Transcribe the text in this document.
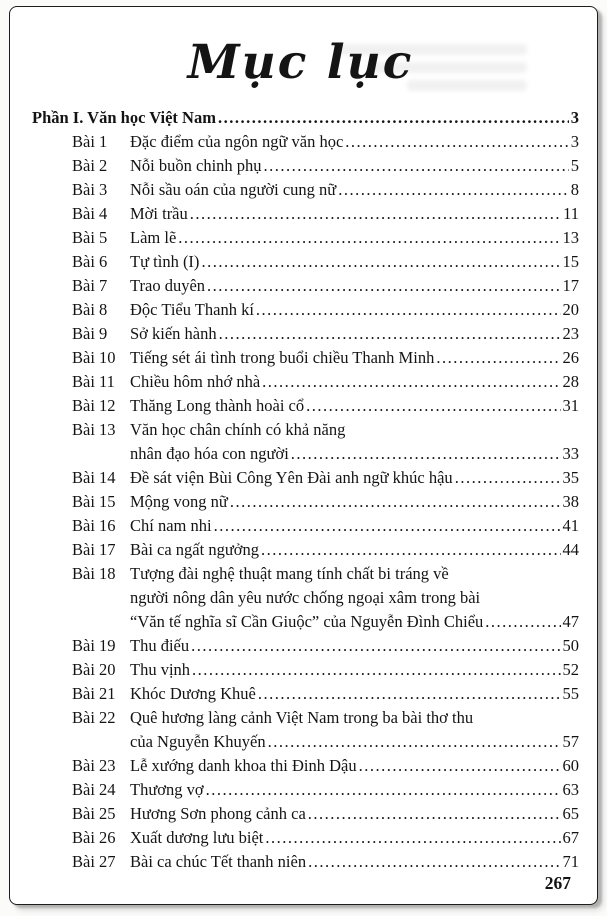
Mục lục
Phần I. Văn học Việt Nam .....	3
Bài 1	Đặc điểm của ngôn ngữ văn học .....	3
Bài 2	Nỗi buồn chinh phụ .....	5
Bài 3	Nỗi sầu oán của người cung nữ .....	8
Bài 4	Mời trầu .....	11
Bài 5	Làm lẽ .....	13
Bài 6	Tự tình (I) .....	15
Bài 7	Trao duyên .....	17
Bài 8	Độc Tiểu Thanh kí .....	20
Bài 9	Sở kiến hành .....	23
Bài 10 Tiếng sét ái tình trong buổi chiều Thanh Minh .....	26
Bài 11 Chiều hôm nhớ nhà .....	28
Bài 12 Thăng Long thành hoài cổ .....	31
Bài 13 Văn học chân chính có khả năng
nhân đạo hóa con người .....	33
Bài 14 Đề sát viện Bùi Công Yên Đài anh ngữ khúc hậu .....	35
Bài 15 Mộng vong nữ .....	38
Bài 16 Chí nam nhi .....	41
Bài 17 Bài ca ngất ngưởng .....	44
Bài 18 Tượng đài nghệ thuật mang tính chất bi tráng về
người nông dân yêu nước chống ngoại xâm trong bài
“Văn tế nghĩa sĩ Cần Giuộc” của Nguyễn Đình Chiểu .....	47
Bài 19 Thu điếu .....	50
Bài 20 Thu vịnh .....	52
Bài 21 Khóc Dương Khuê .....	55
Bài 22 Quê hương làng cảnh Việt Nam trong ba bài thơ thu
của Nguyễn Khuyến .....	57
Bài 23 Lễ xướng danh khoa thi Đinh Dậu .....	60
Bài 24 Thương vợ .....	63
Bài 25 Hương Sơn phong cảnh ca .....	65
Bài 26 Xuất dương lưu biệt .....	67
Bài 27 Bài ca chúc Tết thanh niên .....	71
267
